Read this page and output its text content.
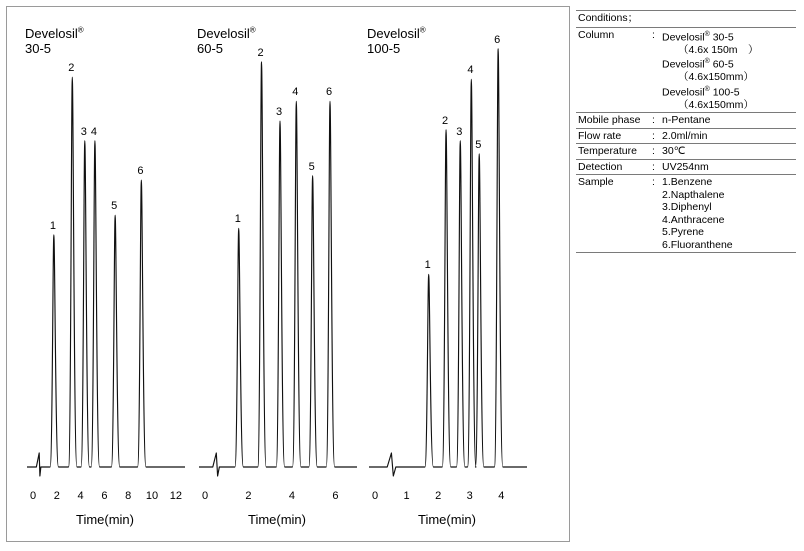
Develosil®
30-5
0	2	4	6	8	10	12
1
2
3 4
5
6
Time(min)
Develosil®
60-5
0	2	4	6
1
2
3
4
5
6
Time(min)
Develosil®
100-5
0	1	2	3	4
1
2
3
4
5
6
Time(min)
Conditions；
Column	: Develosil® 30-5
（4.6x 150m　）
Develosil® 60-5
（4.6x150mm）
Develosil® 100-5
（4.6x150mm）
Mobile phase	: n-Pentane
Flow rate	: 2.0ml/min
Temperature	: 30℃
Detection	: UV254nm
Sample	: 1.Benzene
2.Napthalene
3.Diphenyl
4.Anthracene
5.Pyrene
6.Fluoranthene
